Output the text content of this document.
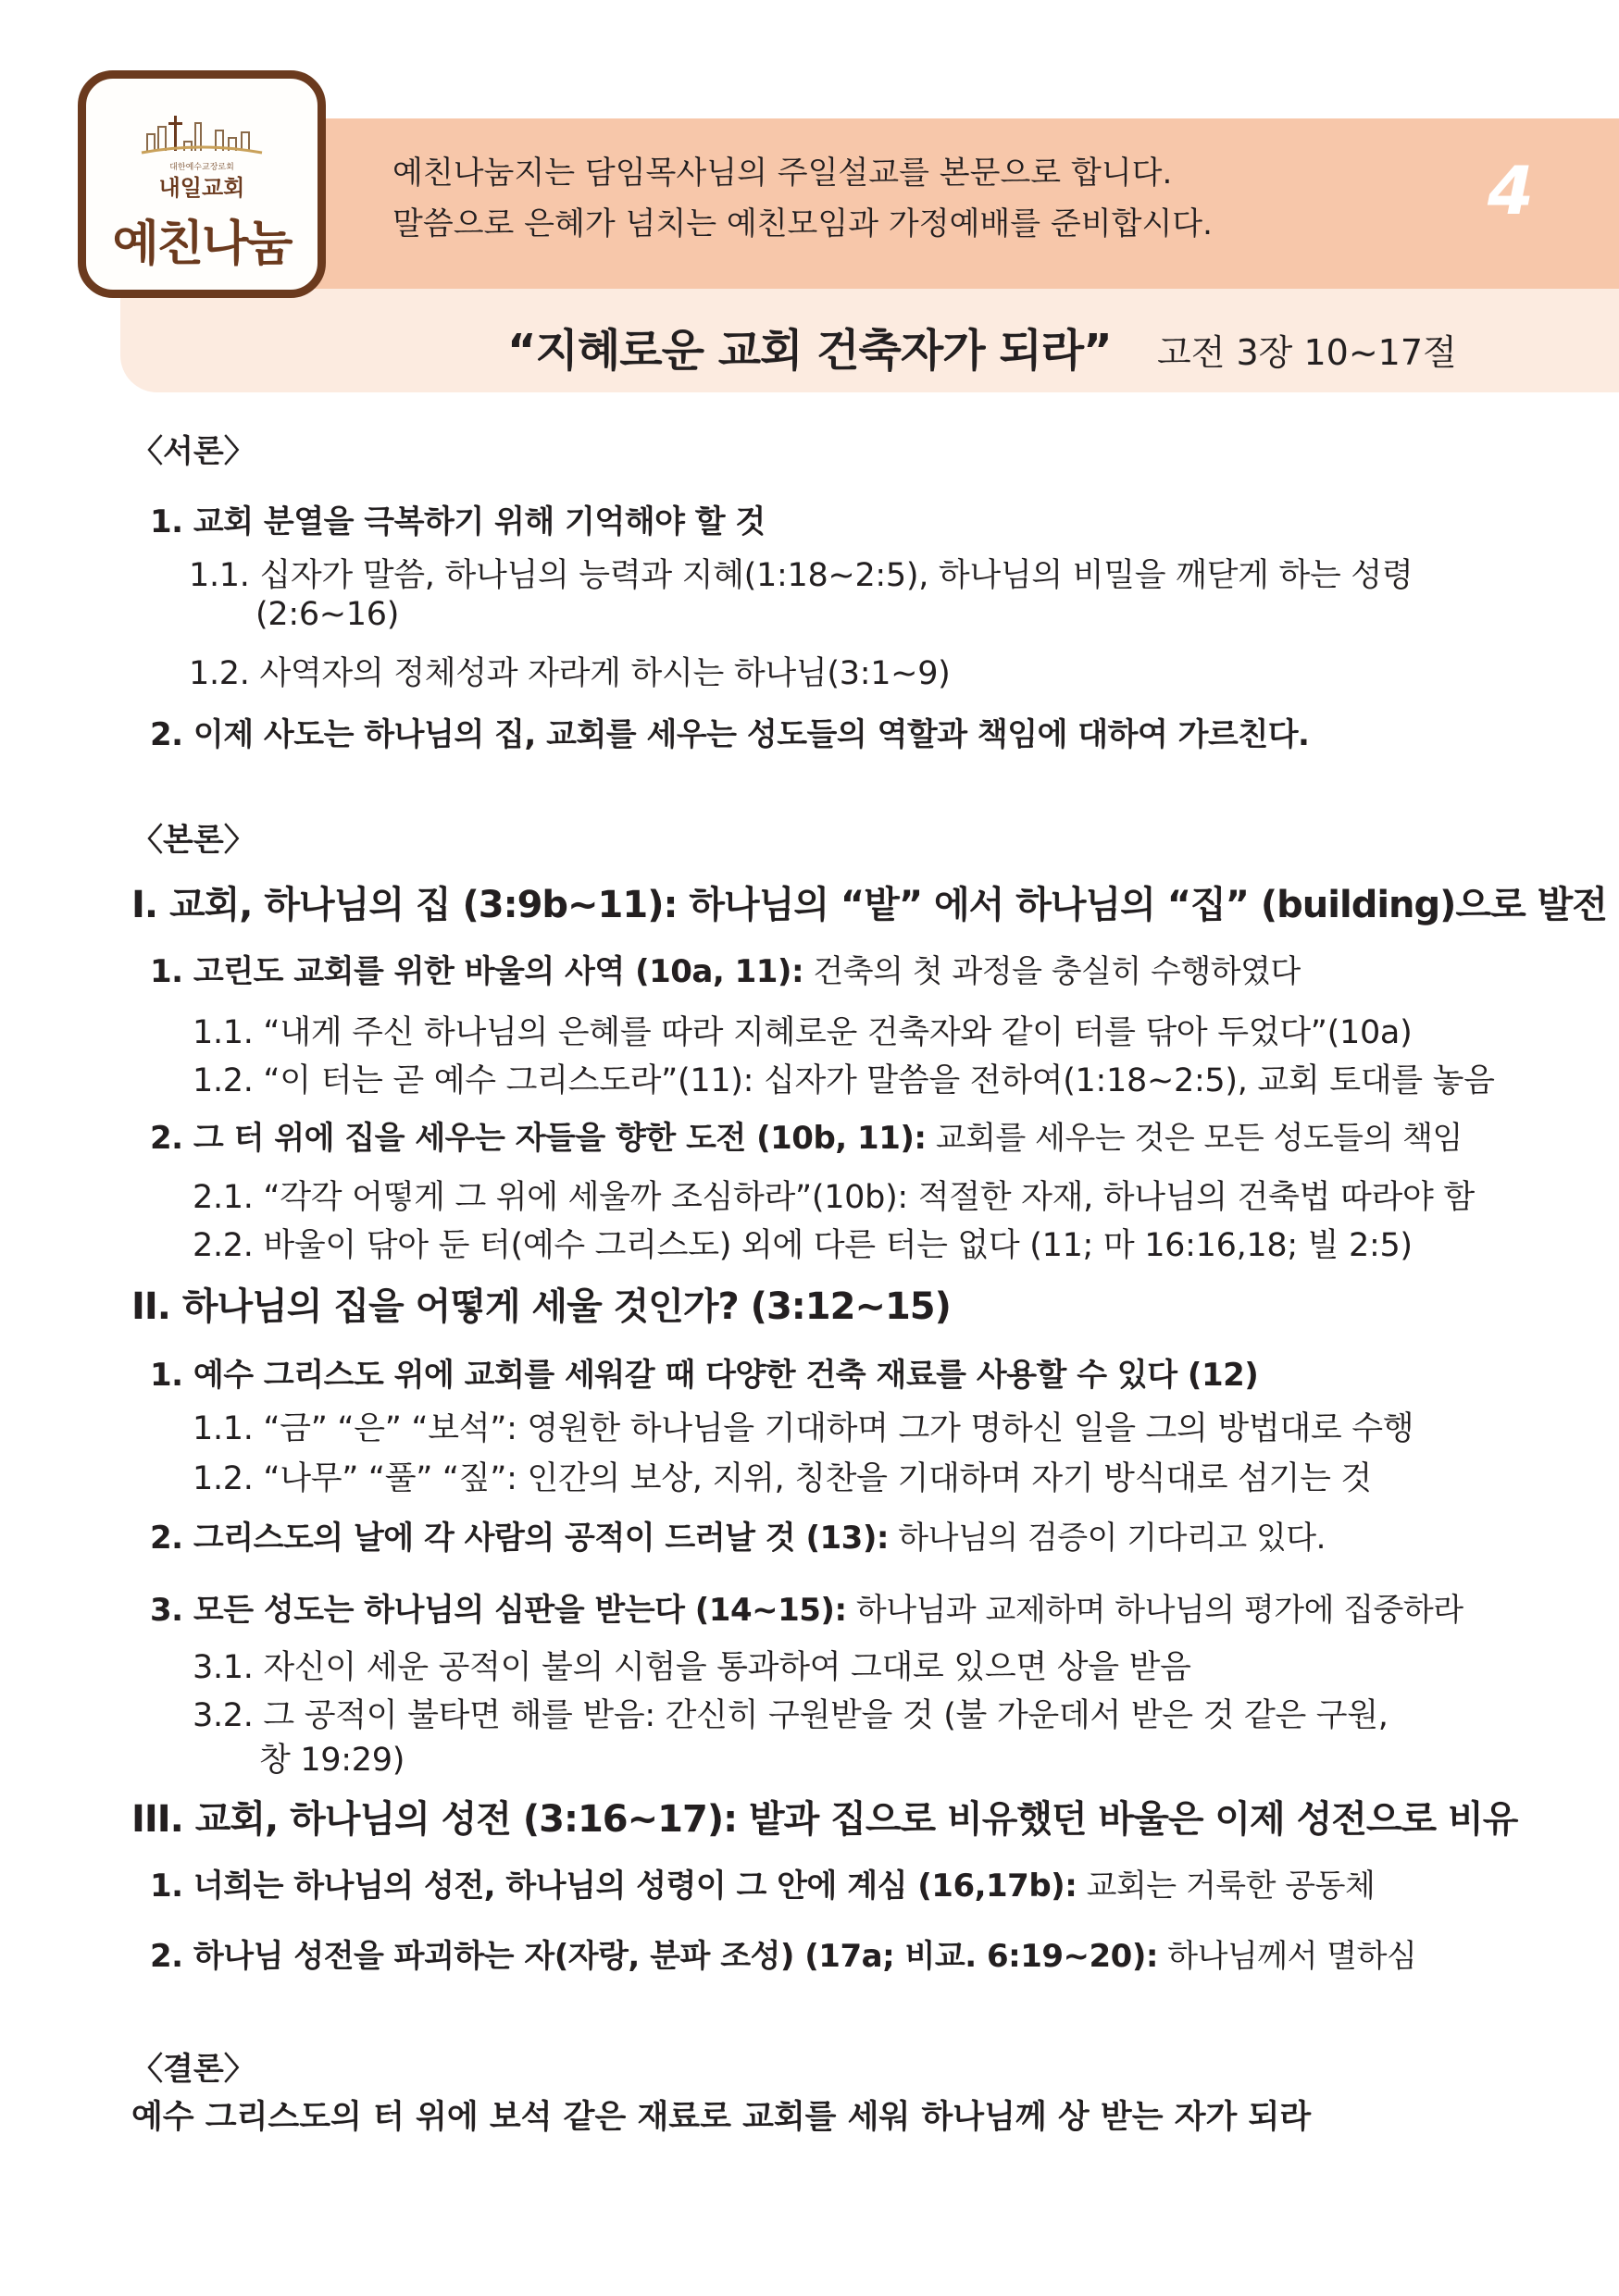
대한예수교장로회
내일교회
예친나눔
예친나눔지는 담임목사님의 주일설교를 본문으로 합니다.
말씀으로 은혜가 넘치는 예친모임과 가정예배를 준비합시다.	4
“지혜로운 교회 건축자가 되라” 고전 3장 10~17절
〈서론〉
1. 교회 분열을 극복하기 위해 기억해야 할 것
1.1. 십자가 말씀, 하나님의 능력과 지혜(1:18~2:5), 하나님의 비밀을 깨닫게 하는 성령
(2:6~16)
1.2. 사역자의 정체성과 자라게 하시는 하나님(3:1~9)
2. 이제 사도는 하나님의 집, 교회를 세우는 성도들의 역할과 책임에 대하여 가르친다.
〈본론〉
I. 교회, 하나님의 집 (3:9b~11): 하나님의 “밭” 에서 하나님의 “집” (building)으로 발전
1. 고린도 교회를 위한 바울의 사역 (10a, 11): 건축의 첫 과정을 충실히 수행하였다
1.1. “내게 주신 하나님의 은혜를 따라 지혜로운 건축자와 같이 터를 닦아 두었다”(10a)
1.2. “이 터는 곧 예수 그리스도라”(11): 십자가 말씀을 전하여(1:18~2:5), 교회 토대를 놓음
2. 그 터 위에 집을 세우는 자들을 향한 도전 (10b, 11): 교회를 세우는 것은 모든 성도들의 책임
2.1. “각각 어떻게 그 위에 세울까 조심하라”(10b): 적절한 자재, 하나님의 건축법 따라야 함
2.2. 바울이 닦아 둔 터(예수 그리스도) 외에 다른 터는 없다 (11; 마 16:16,18; 빌 2:5)
II. 하나님의 집을 어떻게 세울 것인가? (3:12~15)
1. 예수 그리스도 위에 교회를 세워갈 때 다양한 건축 재료를 사용할 수 있다 (12)
1.1. “금” “은” “보석”: 영원한 하나님을 기대하며 그가 명하신 일을 그의 방법대로 수행
1.2. “나무” “풀” “짚”: 인간의 보상, 지위, 칭찬을 기대하며 자기 방식대로 섬기는 것
2. 그리스도의 날에 각 사람의 공적이 드러날 것 (13): 하나님의 검증이 기다리고 있다.
3. 모든 성도는 하나님의 심판을 받는다 (14~15): 하나님과 교제하며 하나님의 평가에 집중하라
3.1. 자신이 세운 공적이 불의 시험을 통과하여 그대로 있으면 상을 받음
3.2. 그 공적이 불타면 해를 받음: 간신히 구원받을 것 (불 가운데서 받은 것 같은 구원,
창 19:29)
III. 교회, 하나님의 성전 (3:16~17): 밭과 집으로 비유했던 바울은 이제 성전으로 비유
1. 너희는 하나님의 성전, 하나님의 성령이 그 안에 계심 (16,17b): 교회는 거룩한 공동체
2. 하나님 성전을 파괴하는 자(자랑, 분파 조성) (17a; 비교. 6:19~20): 하나님께서 멸하심
〈결론〉
예수 그리스도의 터 위에 보석 같은 재료로 교회를 세워 하나님께 상 받는 자가 되라
